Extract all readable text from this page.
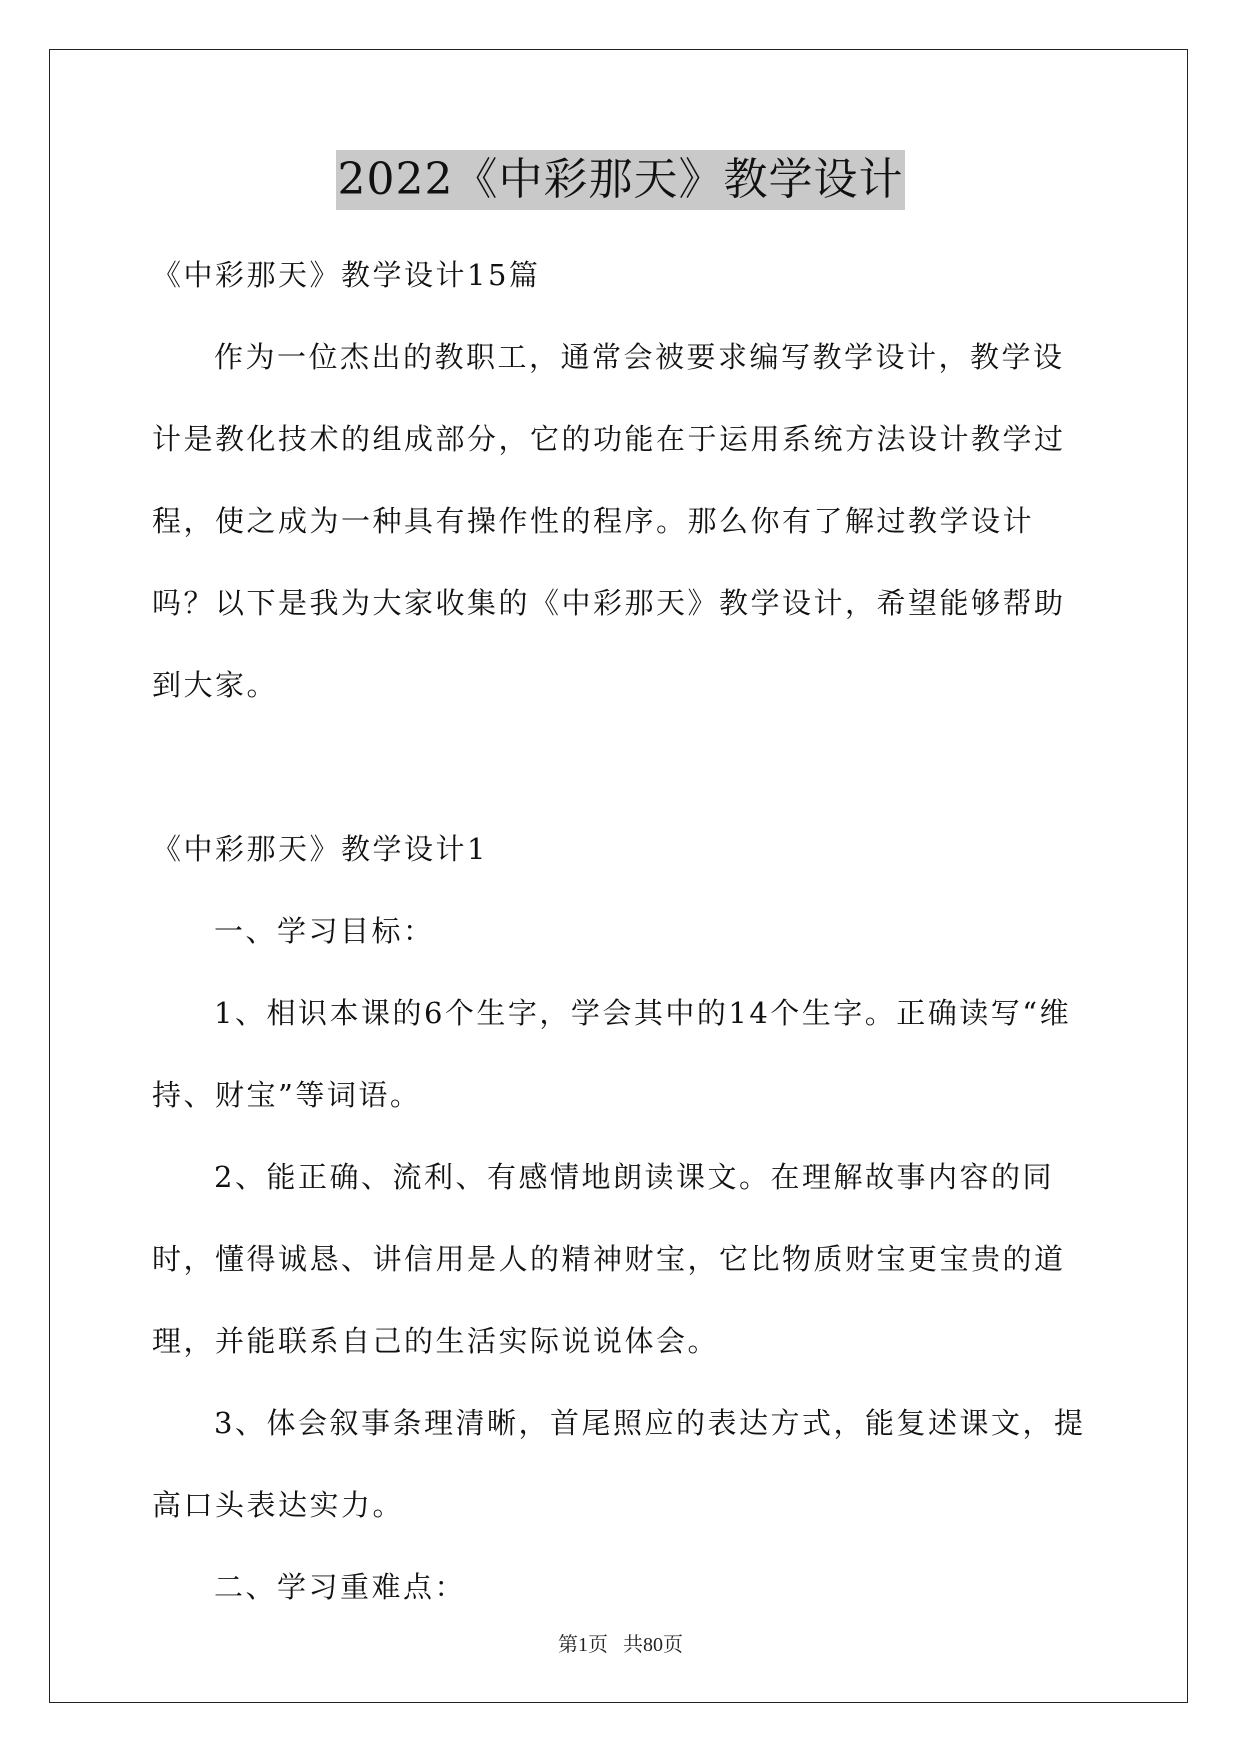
2022《中彩那天》教学设计

《中彩那天》教学设计15篇

作为一位杰出的教职工，通常会被要求编写教学设计，教学设计是教化技术的组成部分，它的功能在于运用系统方法设计教学过程，使之成为一种具有操作性的程序。那么你有了解过教学设计吗？以下是我为大家收集的《中彩那天》教学设计，希望能够帮助到大家。

《中彩那天》教学设计1

一、学习目标：

1、相识本课的6个生字，学会其中的14个生字。正确读写“维持、财宝”等词语。

2、能正确、流利、有感情地朗读课文。在理解故事内容的同时，懂得诚恳、讲信用是人的精神财宝，它比物质财宝更宝贵的道理，并能联系自己的生活实际说说体会。

3、体会叙事条理清晰，首尾照应的表达方式，能复述课文，提高口头表达实力。

二、学习重难点：

第1页 共80页
